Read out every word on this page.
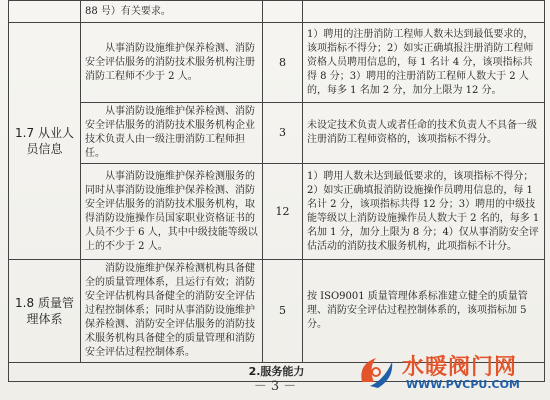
	88 号）有关要求。		
1.7 从业人员信息	从事消防设施维护保养检测、消防安全评估服务的消防技术服务机构注册消防工程师不少于 2 人。	8	1）聘用的注册消防工程师人数未达到最低要求的，该项指标不得分；2）如实正确填报注册消防工程师资格人员聘用信息的，每 1 名计 4 分，该项指标共得 8 分；3）聘用的注册消防工程师人数大于 2 人的，每多 1 名加 2 分，加分上限为 12 分。
	从事消防设施维护保养检测、消防安全评估服务的消防技术服务机构企业技术负责人由一级注册消防工程师担任。	3	未设定技术负责人或者任命的技术负责人不具备一级注册消防工程师资格的，该项指标不得分。
	从事消防设施维护保养检测服务的同时从事消防设施维护保养检测、消防安全评估服务的消防技术服务机构，取得消防设施操作员国家职业资格证书的人员不少于 6 人，其中中级技能等级以上的不少于 2 人。	12	1）聘用人数未达到最低要求的，该项指标不得分；2）如实正确填报消防设施操作员聘用信息的，每 1 名计 2 分，该项指标共得 12 分；3）聘用的中级技能等级以上消防设施操作员人数大于 2 名的，每多 1 名加 1 分，加分上限为 8 分；4）仅从事消防安全评估活动的消防技术服务机构，此项指标不计分。
1.8 质量管理体系	消防设施维护保养检测机构具备健全的质量管理体系，且运行有效；消防安全评估机构具备健全的消防安全评估过程控制体系；同时从事消防设施维护保养检测、消防安全评估服务的消防技术服务机构具备健全的质量管理和消防安全评估过程控制体系。	5	按 ISO9001 质量管理体系标准建立健全的质量管理、消防安全评估过程控制体系的，该项指标加 5 分。
2.服务能力			
－ 3 －
水暖阀门网
WWW.PVCPU.COM
